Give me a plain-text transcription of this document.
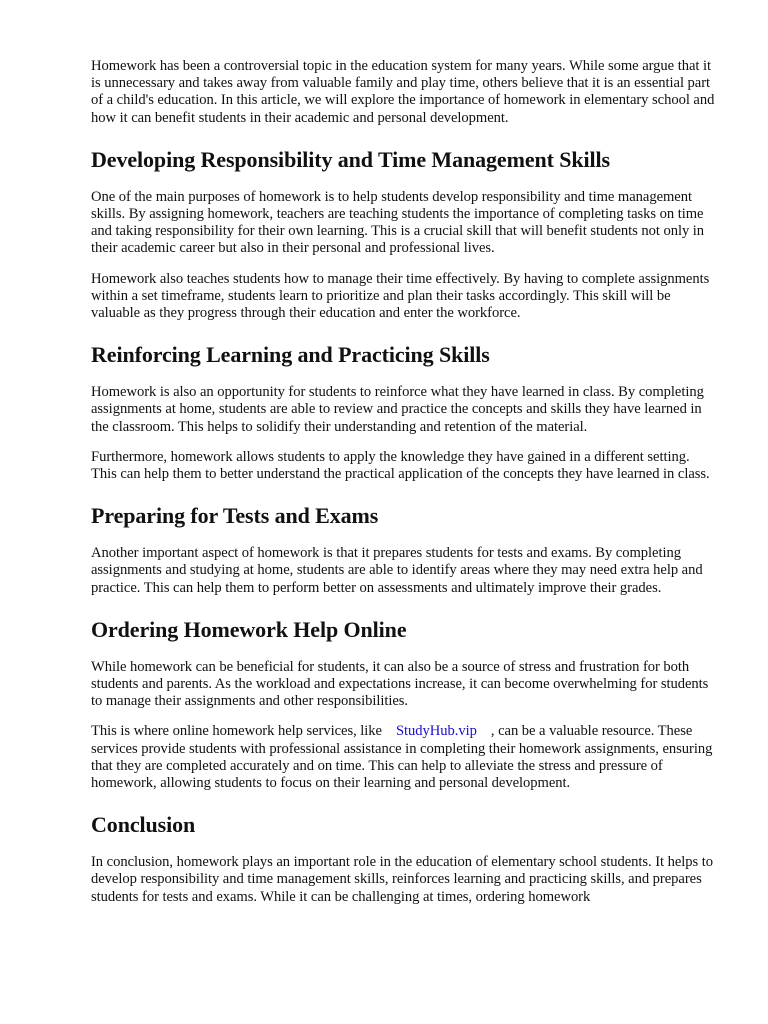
Homework has been a controversial topic in the education system for many years. While some argue that it is unnecessary and takes away from valuable family and play time, others believe that it is an essential part of a child's education. In this article, we will explore the importance of homework in elementary school and how it can benefit students in their academic and personal development.

Developing Responsibility and Time Management Skills

One of the main purposes of homework is to help students develop responsibility and time management skills. By assigning homework, teachers are teaching students the importance of completing tasks on time and taking responsibility for their own learning. This is a crucial skill that will benefit students not only in their academic career but also in their personal and professional lives.

Homework also teaches students how to manage their time effectively. By having to complete assignments within a set timeframe, students learn to prioritize and plan their tasks accordingly. This skill will be valuable as they progress through their education and enter the workforce.

Reinforcing Learning and Practicing Skills

Homework is also an opportunity for students to reinforce what they have learned in class. By completing assignments at home, students are able to review and practice the concepts and skills they have learned in the classroom. This helps to solidify their understanding and retention of the material.

Furthermore, homework allows students to apply the knowledge they have gained in a different setting. This can help them to better understand the practical application of the concepts they have learned in class.

Preparing for Tests and Exams

Another important aspect of homework is that it prepares students for tests and exams. By completing assignments and studying at home, students are able to identify areas where they may need extra help and practice. This can help them to perform better on assessments and ultimately improve their grades.

Ordering Homework Help Online

While homework can be beneficial for students, it can also be a source of stress and frustration for both students and parents. As the workload and expectations increase, it can become overwhelming for students to manage their assignments and other responsibilities.

This is where online homework help services, like StudyHub.vip , can be a valuable resource. These services provide students with professional assistance in completing their homework assignments, ensuring that they are completed accurately and on time. This can help to alleviate the stress and pressure of homework, allowing students to focus on their learning and personal development.

Conclusion

In conclusion, homework plays an important role in the education of elementary school students. It helps to develop responsibility and time management skills, reinforces learning and practicing skills, and prepares students for tests and exams. While it can be challenging at times, ordering homework
